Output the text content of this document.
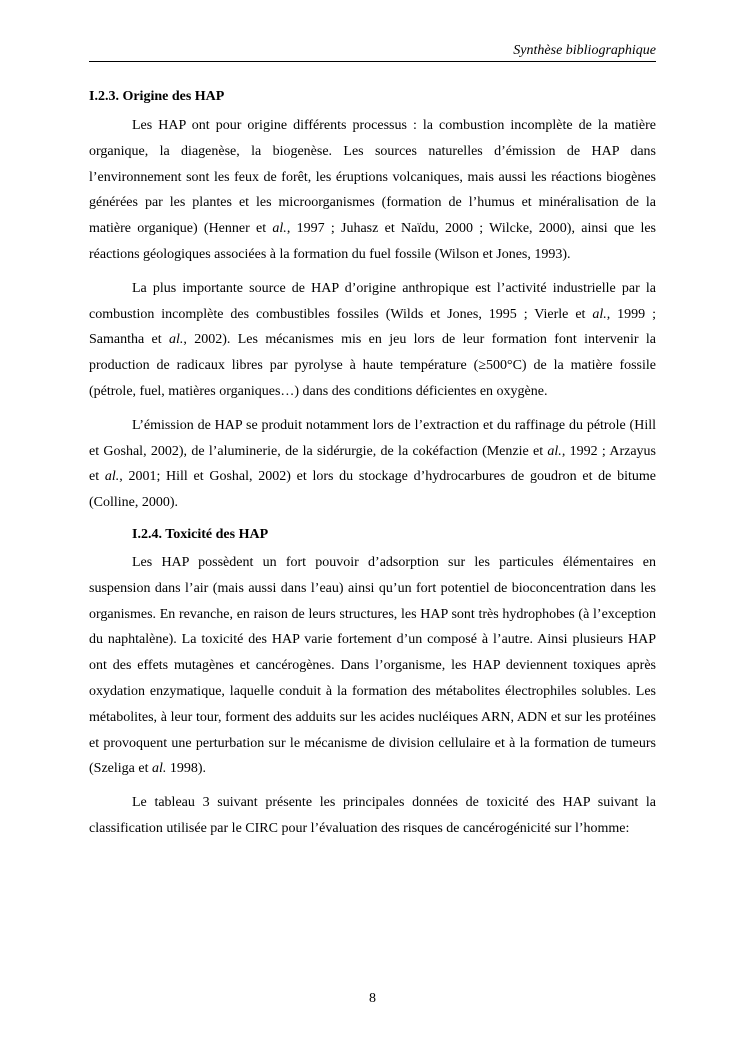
Synthèse bibliographique
I.2.3. Origine des HAP

Les HAP ont pour origine différents processus : la combustion incomplète de la matière organique, la diagenèse, la biogenèse. Les sources naturelles d’émission de HAP dans l’environnement sont les feux de forêt, les éruptions volcaniques, mais aussi les réactions biogènes générées par les plantes et les microorganismes (formation de l’humus et minéralisation de la matière organique) (Henner et al., 1997 ; Juhasz et Naïdu, 2000 ; Wilcke, 2000), ainsi que les réactions géologiques associées à la formation du fuel fossile (Wilson et Jones, 1993).

La plus importante source de HAP d’origine anthropique est l’activité industrielle par la combustion incomplète des combustibles fossiles (Wilds et Jones, 1995 ; Vierle et al., 1999 ; Samantha et al., 2002). Les mécanismes mis en jeu lors de leur formation font intervenir la production de radicaux libres par pyrolyse à haute température (≥500°C) de la matière fossile (pétrole, fuel, matières organiques…) dans des conditions déficientes en oxygène.

L’émission de HAP se produit notamment lors de l’extraction et du raffinage du pétrole (Hill et Goshal, 2002), de l’aluminerie, de la sidérurgie, de la cokéfaction (Menzie et al., 1992 ; Arzayus et al., 2001; Hill et Goshal, 2002) et lors du stockage d’hydrocarbures de goudron et de bitume (Colline, 2000).

I.2.4. Toxicité des HAP

Les HAP possèdent un fort pouvoir d’adsorption sur les particules élémentaires en suspension dans l’air (mais aussi dans l’eau) ainsi qu’un fort potentiel de bioconcentration dans les organismes. En revanche, en raison de leurs structures, les HAP sont très hydrophobes (à l’exception du naphtalène). La toxicité des HAP varie fortement d’un composé à l’autre. Ainsi plusieurs HAP ont des effets mutagènes et cancérogènes. Dans l’organisme, les HAP deviennent toxiques après oxydation enzymatique, laquelle conduit à la formation des métabolites électrophiles solubles. Les métabolites, à leur tour, forment des adduits sur les acides nucléiques ARN, ADN et sur les protéines et provoquent une perturbation sur le mécanisme de division cellulaire et à la formation de tumeurs (Szeliga et al. 1998).

Le tableau 3 suivant présente les principales données de toxicité des HAP suivant la classification utilisée par le CIRC pour l’évaluation des risques de cancérogénicité sur l’homme:

8
